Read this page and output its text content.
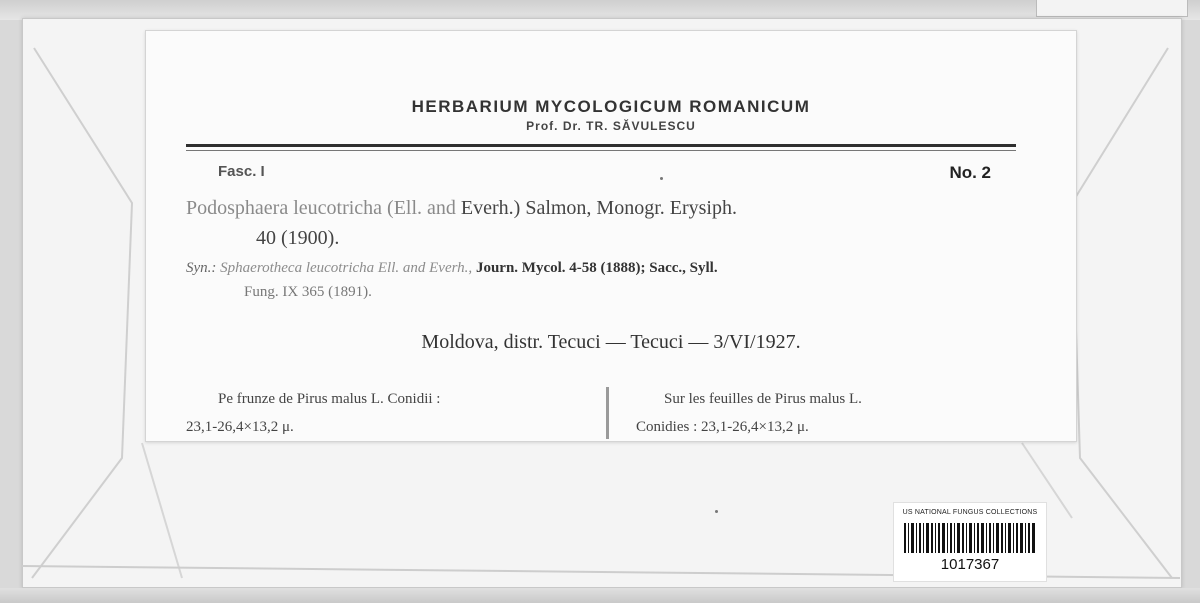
HERBARIUM MYCOLOGICUM ROMANICUM
Prof. Dr. TR. SĂVULESCU
Fasc. I	No. 2
Podosphaera leucotricha (Ell. and Everh.) Salmon, Monogr. Erysiph.
40 (1900).
Syn.: Sphaerotheca leucotricha Ell. and Everh., Journ. Mycol. 4-58 (1888); Sacc., Syll.
Fung. IX 365 (1891).
Moldova, distr. Tecuci — Tecuci — 3/VI/1927.
Pe frunze de Pirus malus L. Conidii :
23,1-26,4×13,2 μ.
Sur les feuilles de Pirus malus L.
Conidies : 23,1-26,4×13,2 μ.
US NATIONAL FUNGUS COLLECTIONS
1017367
